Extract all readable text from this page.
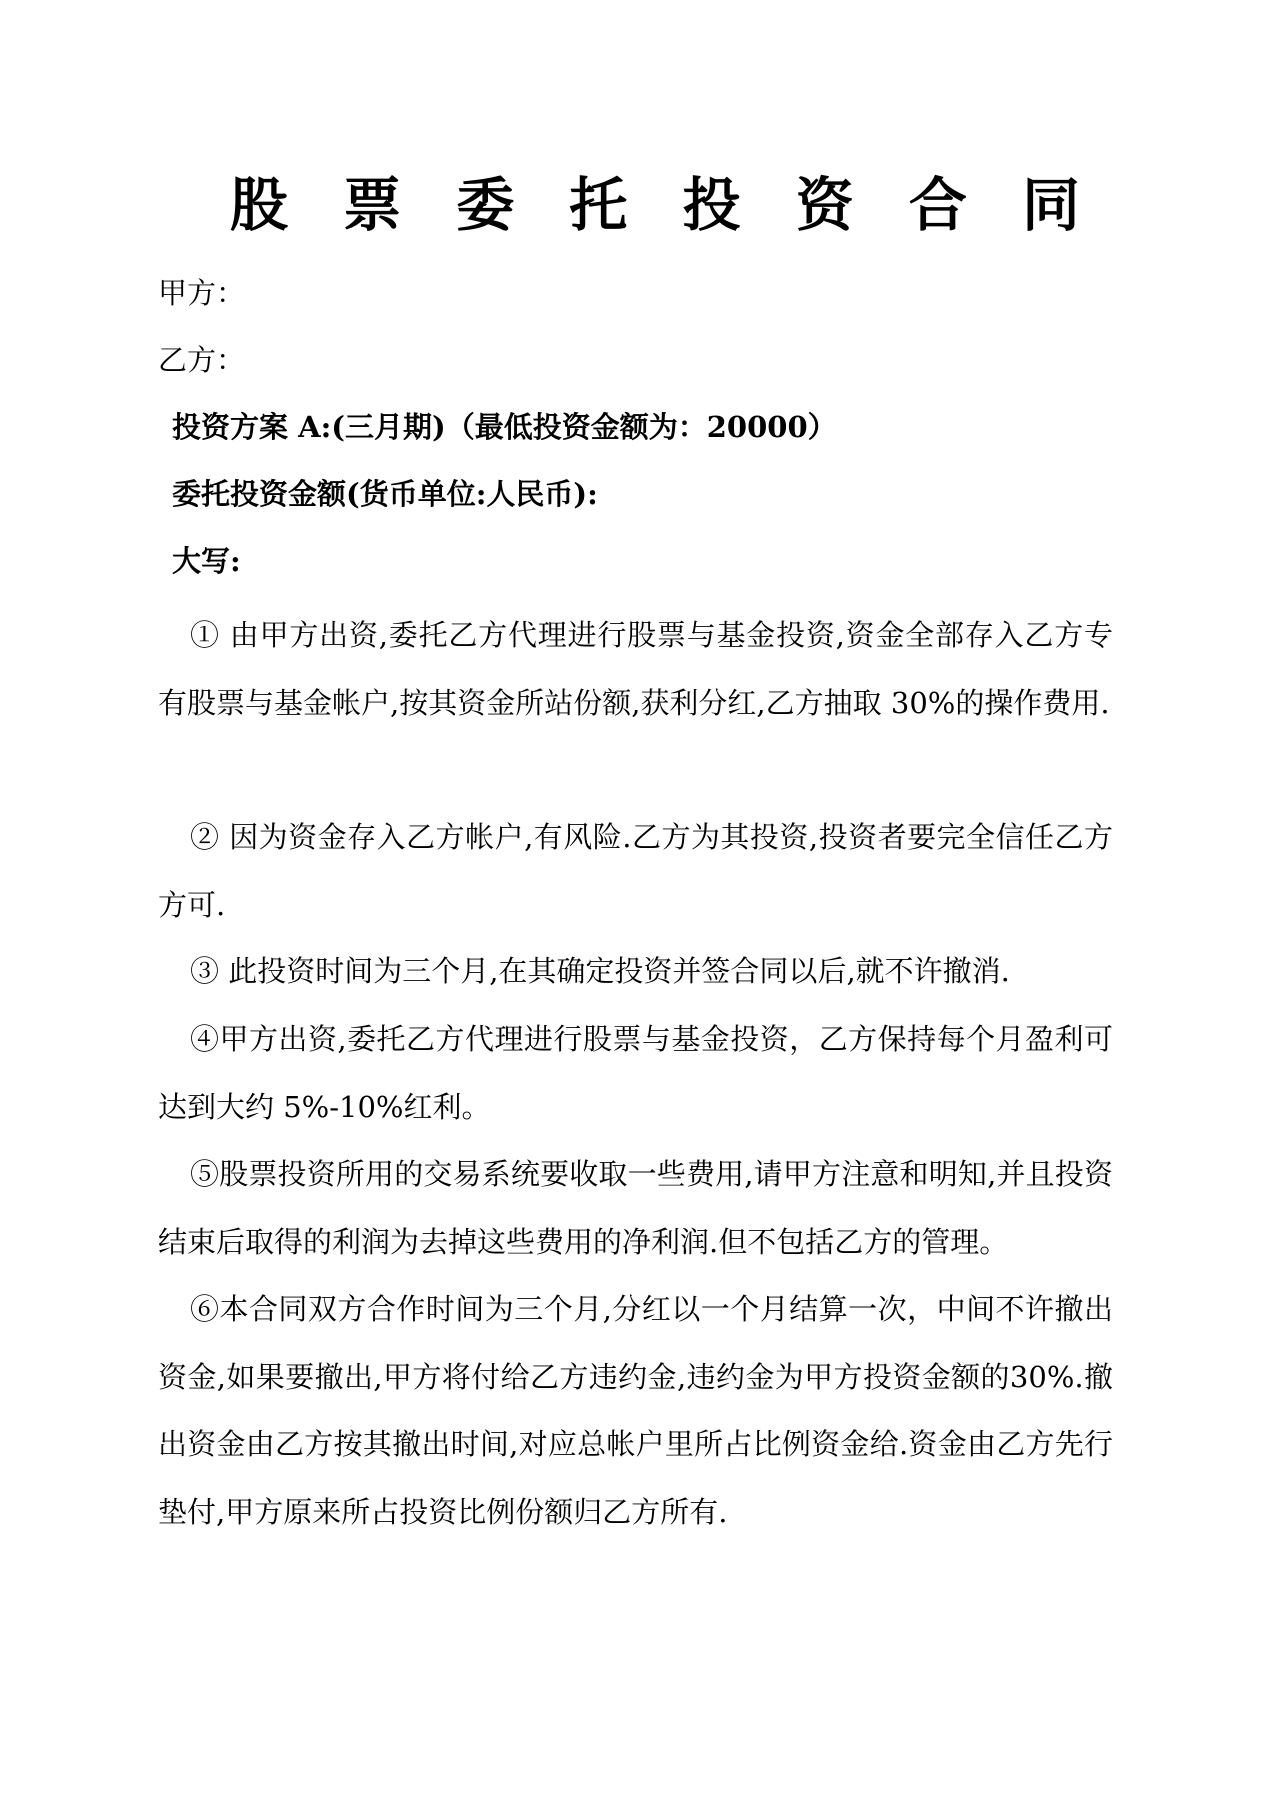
股 票 委 托 投 资 合 同
甲方：
乙方：
投资方案 A:(三月期)（最低投资金额为：20000）
委托投资金额(货币单位:人民币):
大写:
① 由甲方出资,委托乙方代理进行股票与基金投资,资金全部存入乙方专有股票与基金帐户,按其资金所站份额,获利分红,乙方抽取 30%的操作费用.
② 因为资金存入乙方帐户,有风险.乙方为其投资,投资者要完全信任乙方方可.
③ 此投资时间为三个月,在其确定投资并签合同以后,就不许撤消.
④甲方出资,委托乙方代理进行股票与基金投资，乙方保持每个月盈利可达到大约 5%-10%红利。
⑤股票投资所用的交易系统要收取一些费用,请甲方注意和明知,并且投资结束后取得的利润为去掉这些费用的净利润.但不包括乙方的管理。
⑥本合同双方合作时间为三个月,分红以一个月结算一次，中间不许撤出资金,如果要撤出,甲方将付给乙方违约金,违约金为甲方投资金额的30%.撤出资金由乙方按其撤出时间,对应总帐户里所占比例资金给.资金由乙方先行垫付,甲方原来所占投资比例份额归乙方所有.
